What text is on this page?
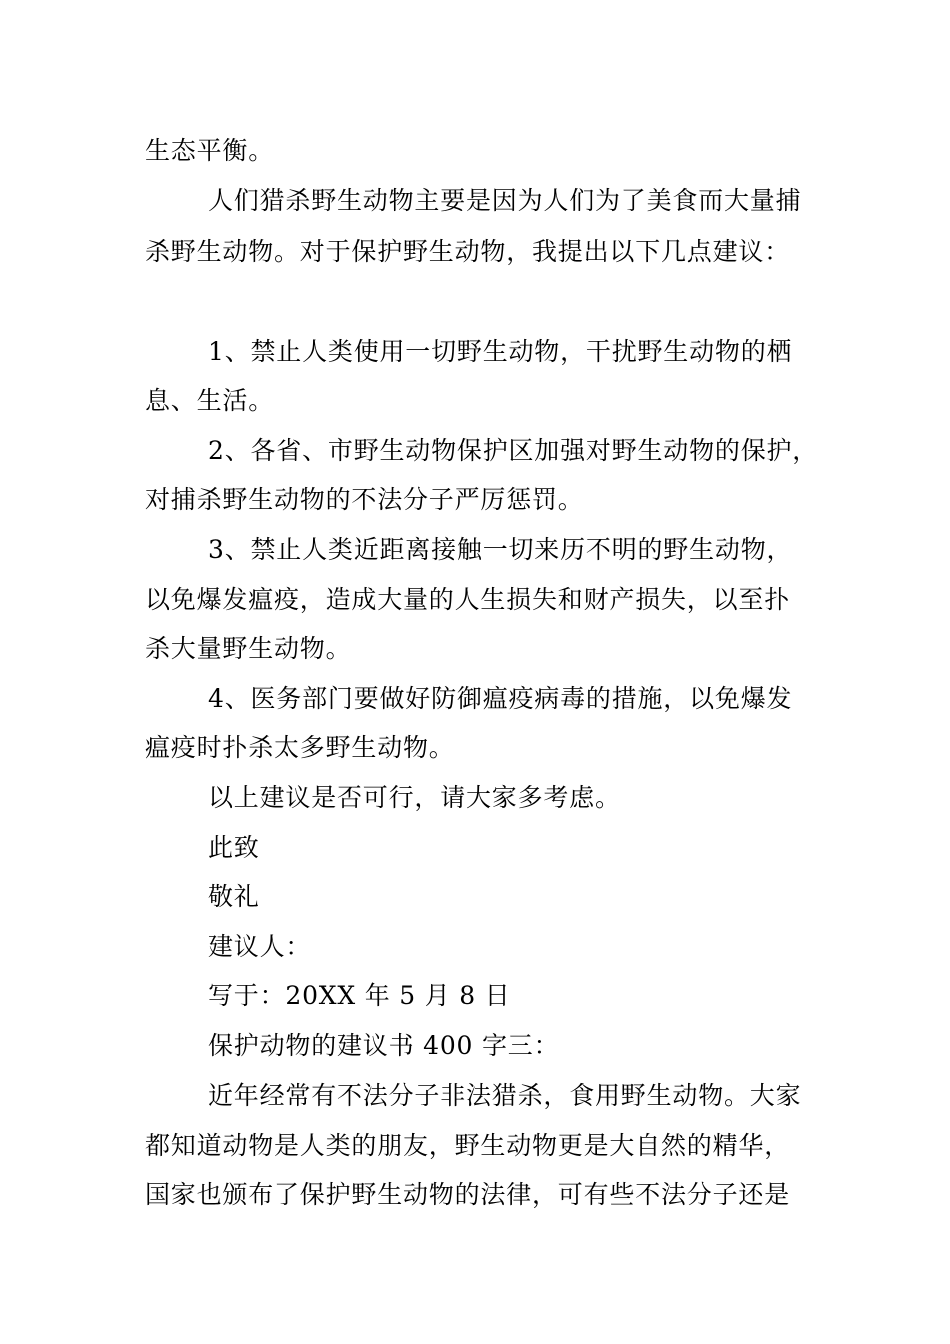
生态平衡。
人们猎杀野生动物主要是因为人们为了美食而大量捕
杀野生动物。对于保护野生动物，我提出以下几点建议：
1、禁止人类使用一切野生动物，干扰野生动物的栖
息、生活。
2、各省、市野生动物保护区加强对野生动物的保护，
对捕杀野生动物的不法分子严厉惩罚。
3、禁止人类近距离接触一切来历不明的野生动物，
以免爆发瘟疫，造成大量的人生损失和财产损失，以至扑
杀大量野生动物。
4、医务部门要做好防御瘟疫病毒的措施，以免爆发
瘟疫时扑杀太多野生动物。
以上建议是否可行，请大家多考虑。
此致
敬礼
建议人：
写于：20XX 年 5 月 8 日
保护动物的建议书 400 字三：
近年经常有不法分子非法猎杀，食用野生动物。大家
都知道动物是人类的朋友，野生动物更是大自然的精华，
国家也颁布了保护野生动物的法律，可有些不法分子还是
